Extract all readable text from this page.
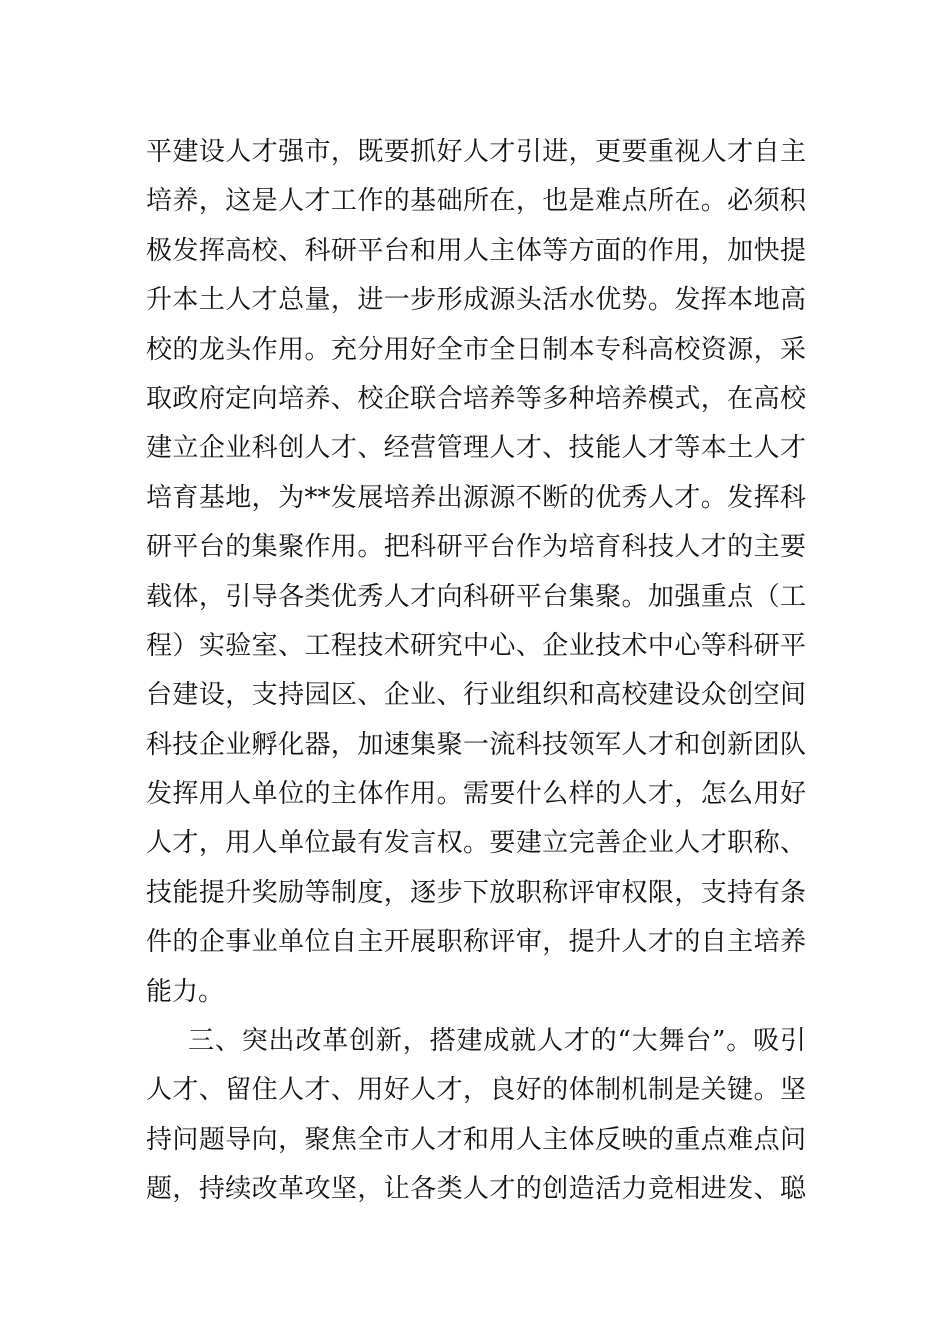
平建设人才强市，既要抓好人才引进，更要重视人才自主
培养，这是人才工作的基础所在，也是难点所在。必须积
极发挥高校、科研平台和用人主体等方面的作用，加快提
升本土人才总量，进一步形成源头活水优势。发挥本地高
校的龙头作用。充分用好全市全日制本专科高校资源，采
取政府定向培养、校企联合培养等多种培养模式，在高校
建立企业科创人才、经营管理人才、技能人才等本土人才
培育基地，为**发展培养出源源不断的优秀人才。发挥科
研平台的集聚作用。把科研平台作为培育科技人才的主要
载体，引导各类优秀人才向科研平台集聚。加强重点（工
程）实验室、工程技术研究中心、企业技术中心等科研平
台建设，支持园区、企业、行业组织和高校建设众创空间
科技企业孵化器，加速集聚一流科技领军人才和创新团队
发挥用人单位的主体作用。需要什么样的人才，怎么用好
人才，用人单位最有发言权。要建立完善企业人才职称、
技能提升奖励等制度，逐步下放职称评审权限，支持有条
件的企事业单位自主开展职称评审，提升人才的自主培养
能力。
三、突出改革创新，搭建成就人才的“大舞台”。吸引
人才、留住人才、用好人才，良好的体制机制是关键。坚
持问题导向，聚焦全市人才和用人主体反映的重点难点问
题，持续改革攻坚，让各类人才的创造活力竞相进发、聪
